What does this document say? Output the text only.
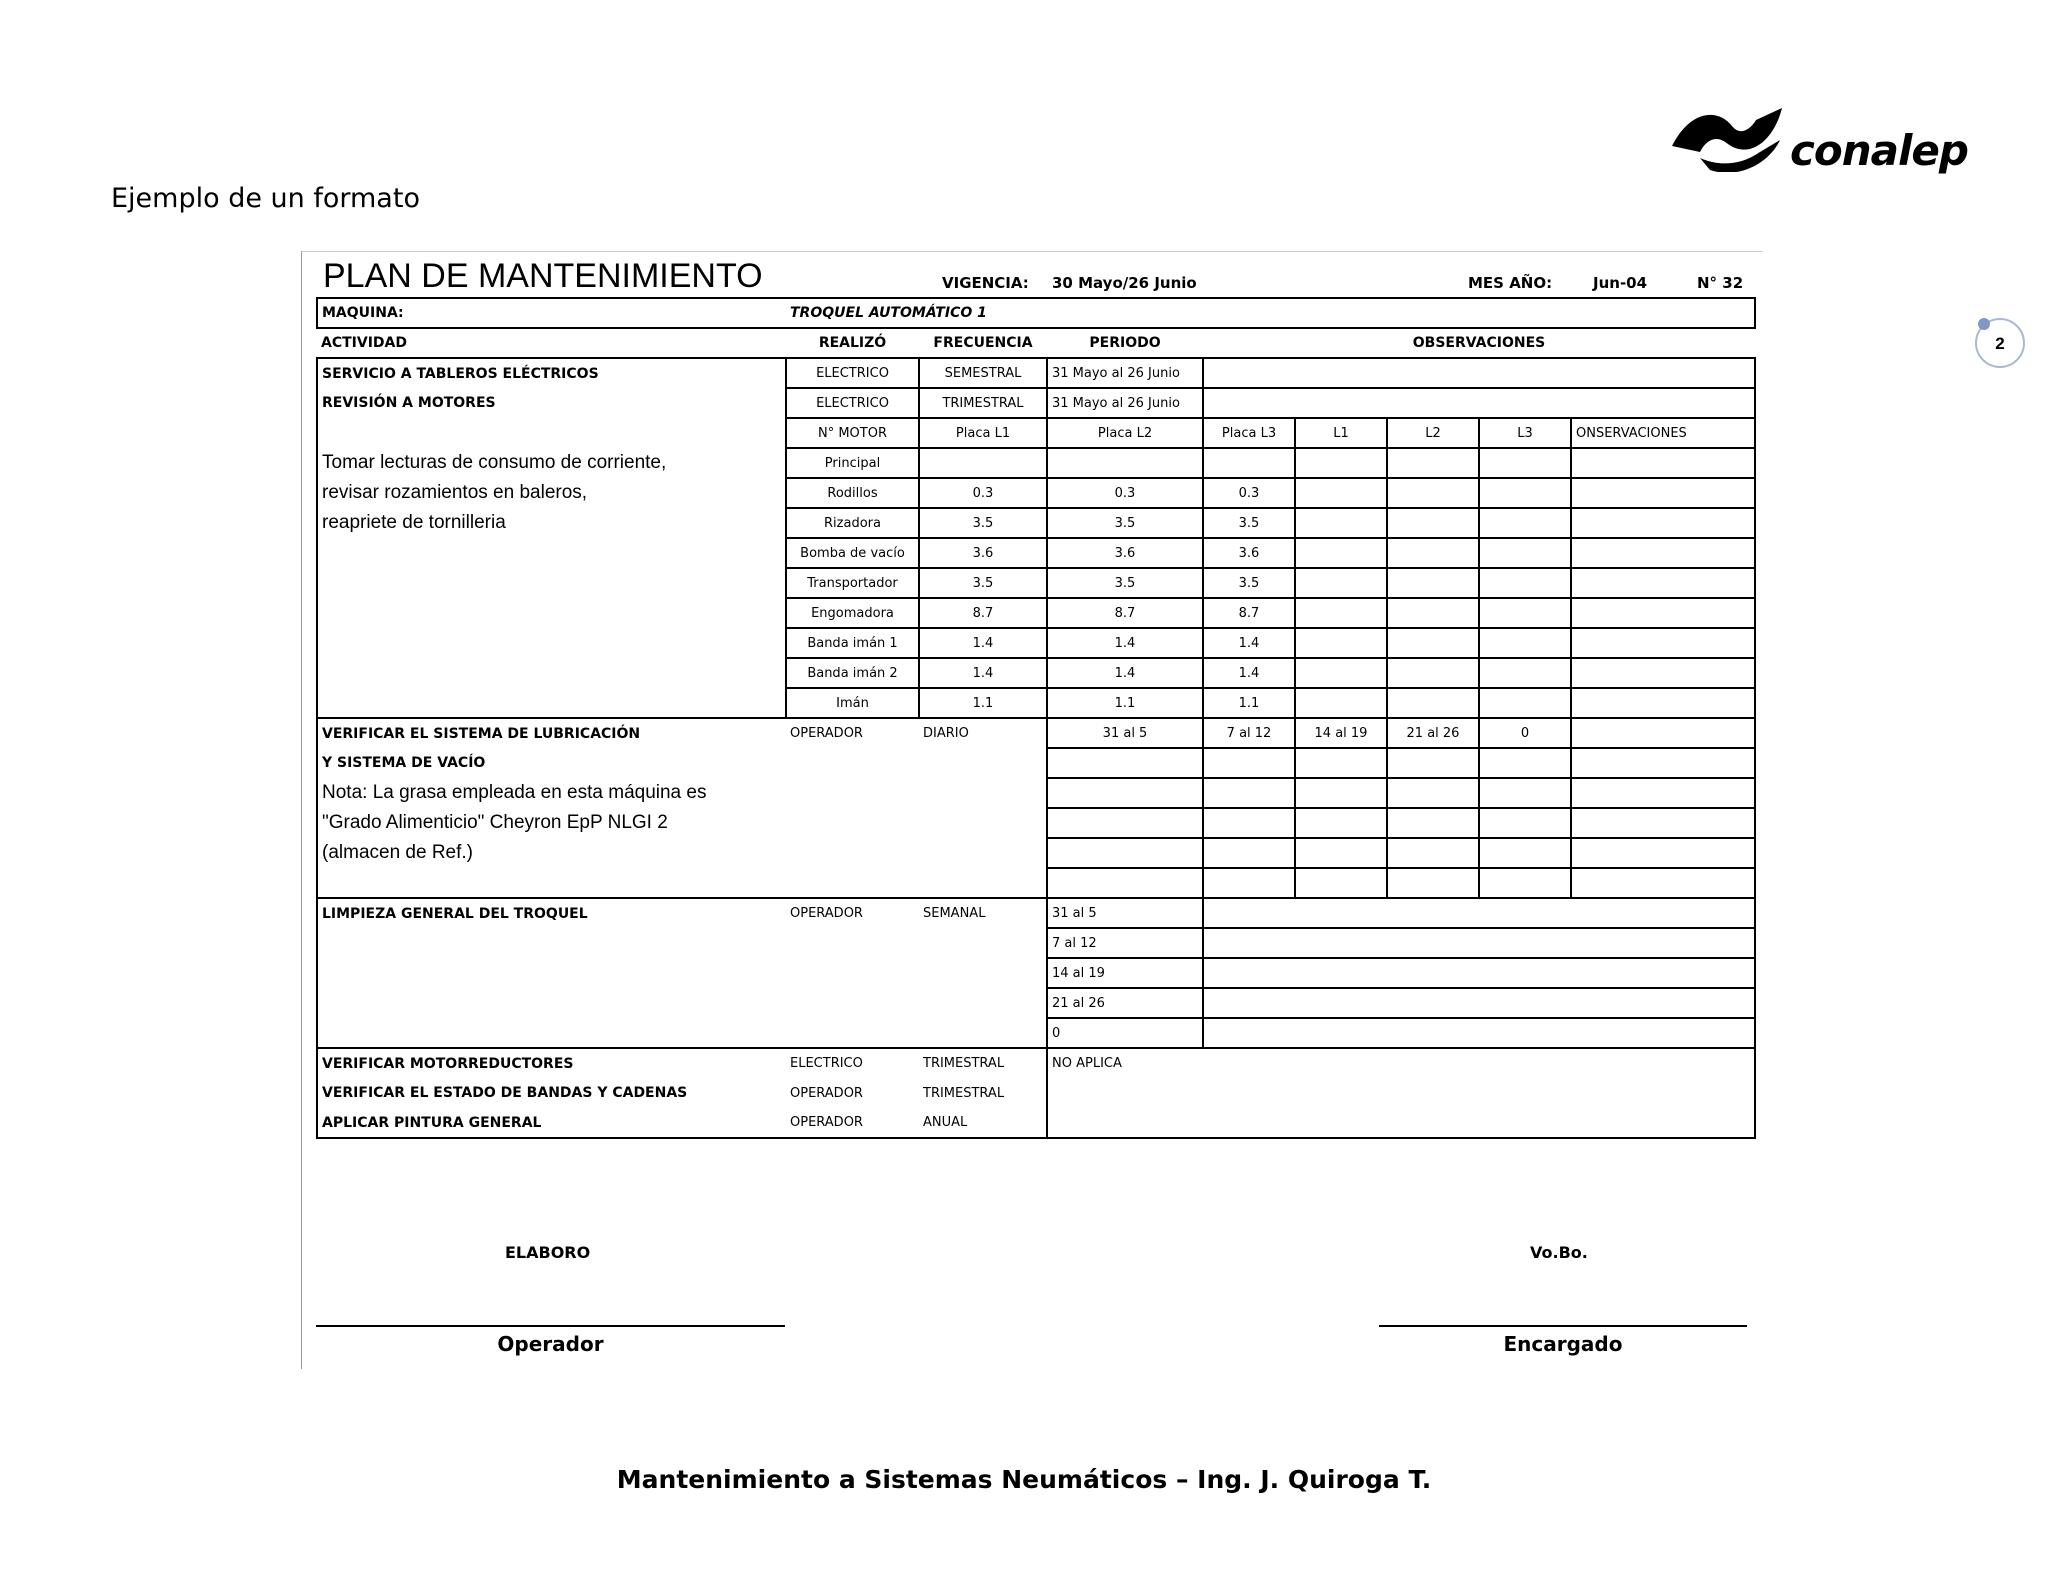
Ejemplo de un formato
conalep
2
PLAN DE MANTENIMIENTO	VIGENCIA: 30 Mayo/26 Junio	MES AÑO:	Jun-04	N° 32
MAQUINA:	TROQUEL AUTOMÁTICO 1							
ACTIVIDAD	REALIZÓ	FRECUENCIA	PERIODO	OBSERVACIONES				
SERVICIO A TABLEROS ELÉCTRICOS	ELECTRICO	SEMESTRAL	31 Mayo al 26 Junio					
REVISIÓN A MOTORES	ELECTRICO	TRIMESTRAL	31 Mayo al 26 Junio					
	N° MOTOR	Placa L1	Placa L2	Placa L3	L1	L2	L3	ONSERVACIONES
Tomar lecturas de consumo de corriente,	Principal							
revisar rozamientos en baleros,	Rodillos	0.3	0.3	0.3				
reapriete de tornilleria	Rizadora	3.5	3.5	3.5				
	Bomba de vacío	3.6	3.6	3.6				
	Transportador	3.5	3.5	3.5				
	Engomadora	8.7	8.7	8.7				
	Banda imán 1	1.4	1.4	1.4				
	Banda imán 2	1.4	1.4	1.4				
	Imán	1.1	1.1	1.1				
VERIFICAR EL SISTEMA DE LUBRICACIÓN	OPERADOR	DIARIO	31 al 5	7 al 12	14 al 19	21 al 26	0	
Y SISTEMA DE VACÍO								
Nota: La grasa empleada en esta máquina es								
"Grado Alimenticio" Cheyron EpP NLGI 2								
(almacen de Ref.)								

LIMPIEZA GENERAL DEL TROQUEL	OPERADOR	SEMANAL	31 al 5					
			7 al 12					
			14 al 19					
			21 al 26					
			0					
VERIFICAR MOTORREDUCTORES	ELECTRICO	TRIMESTRAL	NO APLICA					
VERIFICAR EL ESTADO DE BANDAS Y CADENAS	OPERADOR	TRIMESTRAL						
APLICAR PINTURA GENERAL	OPERADOR	ANUAL						
ELABORO	Vo.Bo.
Operador	Encargado
Mantenimiento a Sistemas Neumáticos – Ing. J. Quiroga T.
